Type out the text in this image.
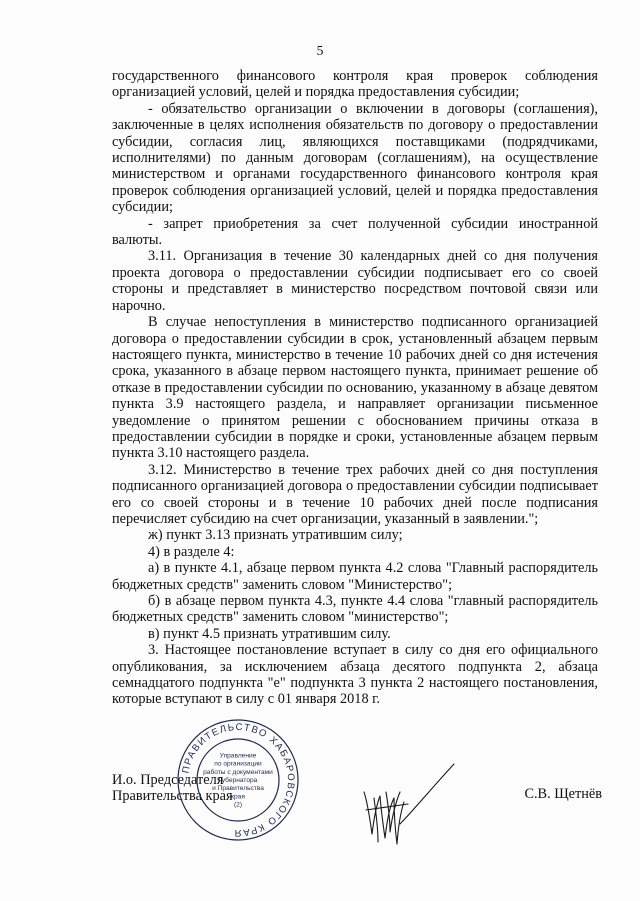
5

государственного финансового контроля края проверок соблюдения организацией условий, целей и порядка предоставления субсидии;

- обязательство организации о включении в договоры (соглашения), заключенные в целях исполнения обязательств по договору о предоставлении субсидии, согласия лиц, являющихся поставщиками (подрядчиками, исполнителями) по данным договорам (соглашениям), на осуществление министерством и органами государственного финансового контроля края проверок соблюдения организацией условий, целей и порядка предоставления субсидии;

- запрет приобретения за счет полученной субсидии иностранной валюты.

3.11. Организация в течение 30 календарных дней со дня получения проекта договора о предоставлении субсидии подписывает его со своей стороны и представляет в министерство посредством почтовой связи или нарочно.

В случае непоступления в министерство подписанного организацией договора о предоставлении субсидии в срок, установленный абзацем первым настоящего пункта, министерство в течение 10 рабочих дней со дня истечения срока, указанного в абзаце первом настоящего пункта, принимает решение об отказе в предоставлении субсидии по основанию, указанному в абзаце девятом пункта 3.9 настоящего раздела, и направляет организации письменное уведомление о принятом решении с обоснованием причины отказа в предоставлении субсидии в порядке и сроки, установленные абзацем первым пункта 3.10 настоящего раздела.

3.12. Министерство в течение трех рабочих дней со дня поступления подписанного организацией договора о предоставлении субсидии подписывает его со своей стороны и в течение 10 рабочих дней после подписания перечисляет субсидию на счет организации, указанный в заявлении.";

ж) пункт 3.13 признать утратившим силу;

4) в разделе 4:

а) в пункте 4.1, абзаце первом пункта 4.2 слова "Главный распорядитель бюджетных средств" заменить словом "Министерство";

б) в абзаце первом пункта 4.3, пункте 4.4 слова "главный распорядитель бюджетных средств" заменить словом "министерство";

в) пункт 4.5 признать утратившим силу.

3. Настоящее постановление вступает в силу со дня его официального опубликования, за исключением абзаца десятого подпункта 2, абзаца семнадцатого подпункта "е" подпункта 3 пункта 2 настоящего постановления, которые вступают в силу с 01 января 2018 г.

И.о. Председателя
Правительства края	С.В. Щетнёв
ПРАВИТЕЛЬСТВО ХАБАРОВСКОГО КРАЯ
Управление
по организации
работы с документами
Губернатора
и Правительства
края
(2)
